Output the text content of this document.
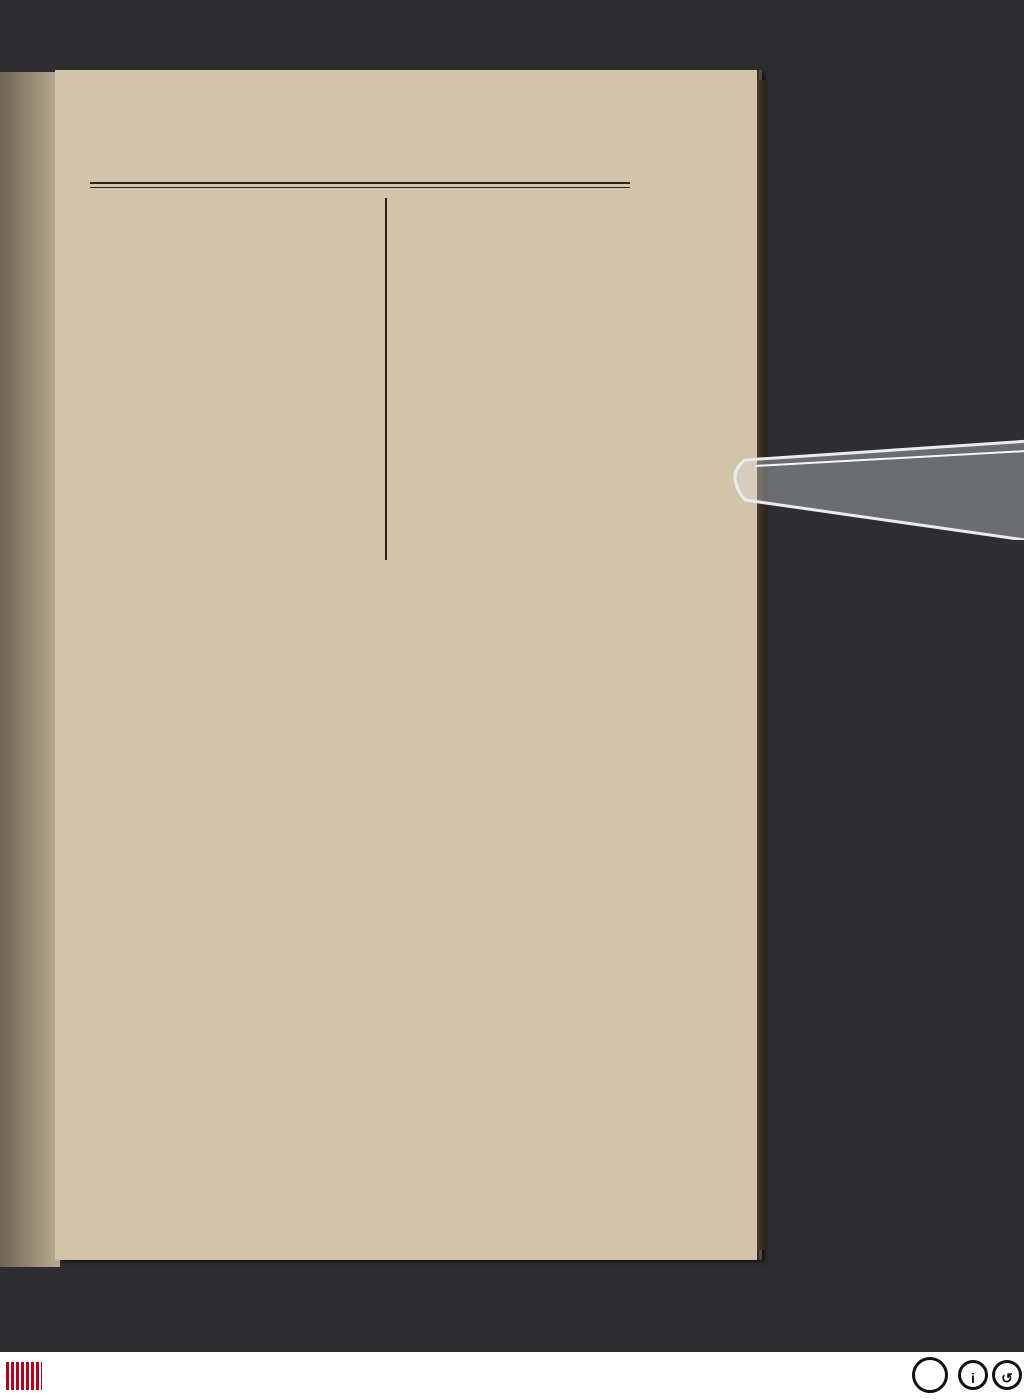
i	↺
